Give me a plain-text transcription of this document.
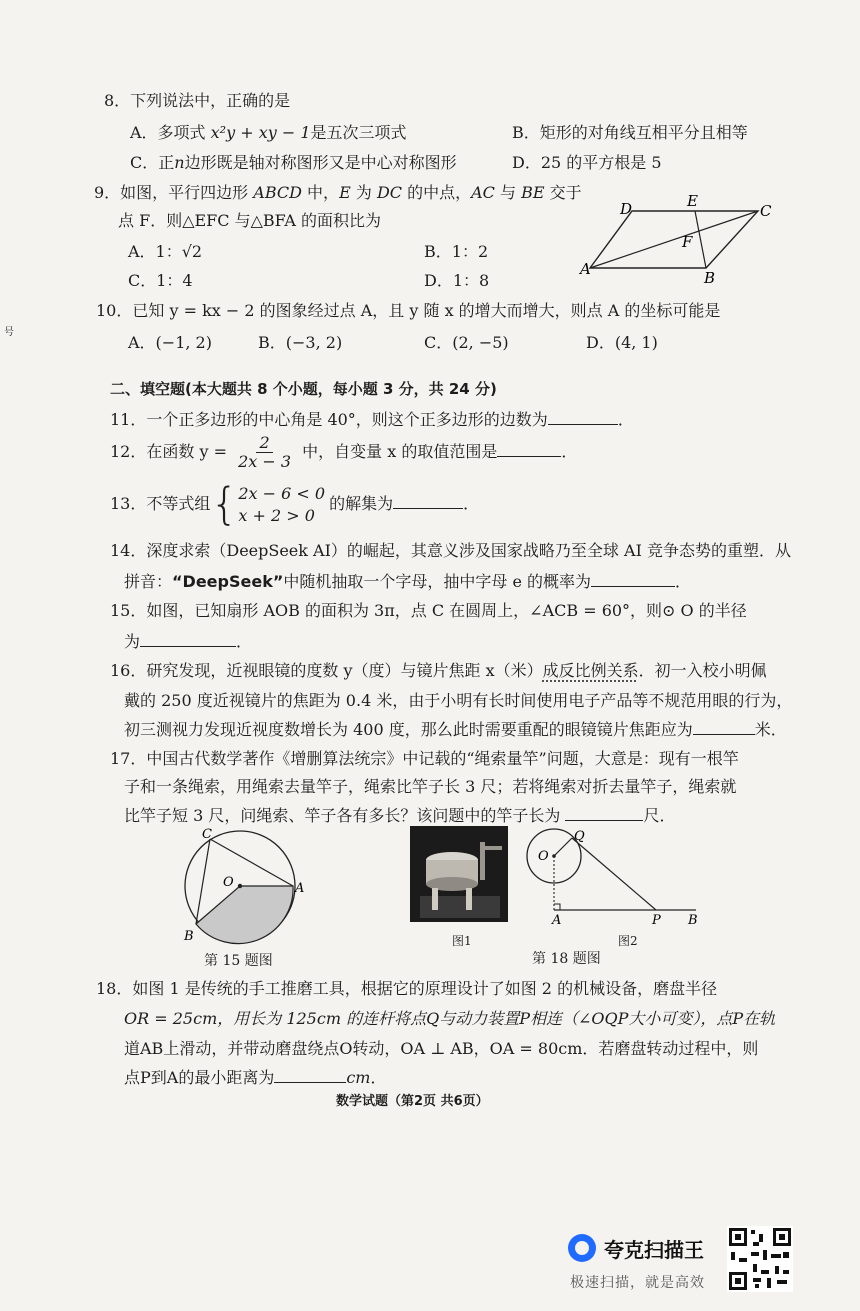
8．下列说法中，正确的是
A．多项式 x²y + xy − 1是五次三项式	B．矩形的对角线互相平分且相等
C．正n边形既是轴对称图形又是中心对称图形	D．25 的平方根是 5
9．如图，平行四边形 ABCD 中，E 为 DC 的中点，AC 与 BE 交于
点 F．则△EFC 与△BFA 的面积比为
A．1：√2	B．1：2
C．1：4	D．1：8
D	E
C
F
A	B
10．已知 y = kx − 2 的图象经过点 A，且 y 随 x 的增大而增大，则点 A 的坐标可能是
A．(−1, 2)	B．(−3, 2)	C．(2, −5)	D．(4, 1)
号
二、填空题(本大题共 8 个小题，每小题 3 分，共 24 分)
11．一个正多边形的中心角是 40°，则这个正多边形的边数为	．
12．在函数 $y = \frac{2}{2x - 3}$ 中，自变量 x 的取值范围是	．
13．不等式组{ 2x − 6 < 0
x + 2 > 0
的解集为	．
14．深度求索（DeepSeek AI）的崛起，其意义涉及国家战略乃至全球 AI 竞争态势的重塑．从
拼音：“DeepSeek”中随机抽取一个字母，抽中字母 e 的概率为	．
15．如图，已知扇形 AOB 的面积为 3π，点 C 在圆周上，∠ACB = 60°，则⊙ O 的半径
为	．
16．研究发现，近视眼镜的度数 y（度）与镜片焦距 x（米）成反比例关系．初一入校小明佩
戴的 250 度近视镜片的焦距为 0.4 米，由于小明有长时间使用电子产品等不规范用眼的行为，
初三测视力发现近视度数增长为 400 度，那么此时需要重配的眼镜镜片焦距应为	米．
17．中国古代数学著作《增删算法统宗》中记载的“绳索量竿”问题，大意是：现有一根竿
子和一条绳索，用绳索去量竿子，绳索比竿子长 3 尺；若将绳索对折去量竿子，绳索就
比竿子短 3 尺，问绳索、竿子各有多长？该问题中的竿子长为	尺．
C
O	A
B
第 15 题图
图1
Q
O
A	P B
图2
第 18 题图
18．如图 1 是传统的手工推磨工具，根据它的原理设计了如图 2 的机械设备，磨盘半径
OR = 25cm，用长为 125cm 的连杆将点Q与动力装置P相连（∠OQP大小可变），点P在轨
道AB上滑动，并带动磨盘绕点O转动，OA ⊥ AB，OA = 80cm．若磨盘转动过程中，则
点P到A的最小距离为	cm．
数学试题（第2页 共6页）
夸克扫描王
极速扫描，就是高效
